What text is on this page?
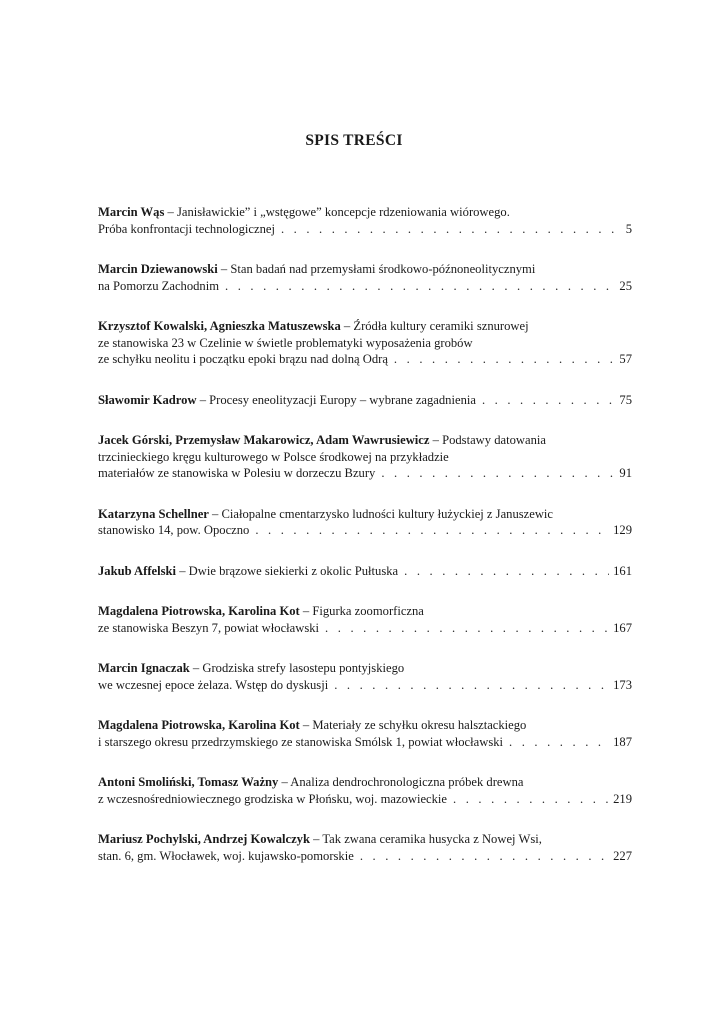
SPIS TREŚCI
Marcin Wąs – Janisławickie” i „wstęgowe” koncepcje rdzeniowania wiórowego.
Próba konfrontacji technologicznej . . .	5
Marcin Dziewanowski – Stan badań nad przemysłami środkowo-późnoneolitycznymi
na Pomorzu Zachodnim . . .	25
Krzysztof Kowalski, Agnieszka Matuszewska – Źródła kultury ceramiki sznurowej
ze stanowiska 23 w Czelinie w świetle problematyki wyposażenia grobów
ze schyłku neolitu i początku epoki brązu nad dolną Odrą . . .	57
Sławomir Kadrow – Procesy eneolityzacji Europy – wybrane zagadnienia . . .	75
Jacek Górski, Przemysław Makarowicz, Adam Wawrusiewicz – Podstawy datowania
trzcinieckiego kręgu kulturowego w Polsce środkowej na przykładzie
materiałów ze stanowiska w Polesiu w dorzeczu Bzury . . .	91
Katarzyna Schellner – Ciałopalne cmentarzysko ludności kultury łużyckiej z Januszewic
stanowisko 14, pow. Opoczno . . .	129
Jakub Affelski – Dwie brązowe siekierki z okolic Pułtuska . . .	161
Magdalena Piotrowska, Karolina Kot – Figurka zoomorficzna
ze stanowiska Beszyn 7, powiat włocławski . . .	167
Marcin Ignaczak – Grodziska strefy lasostepu pontyjskiego
we wczesnej epoce żelaza. Wstęp do dyskusji . . .	173
Magdalena Piotrowska, Karolina Kot – Materiały ze schyłku okresu halsztackiego
i starszego okresu przedrzymskiego ze stanowiska Smólsk 1, powiat włocławski . . .	187
Antoni Smoliński, Tomasz Ważny – Analiza dendrochronologiczna próbek drewna
z wczesnośredniowiecznego grodziska w Płońsku, woj. mazowieckie . . .	219
Mariusz Pochylski, Andrzej Kowalczyk – Tak zwana ceramika husycka z Nowej Wsi,
stan. 6, gm. Włocławek, woj. kujawsko-pomorskie . . .	227
